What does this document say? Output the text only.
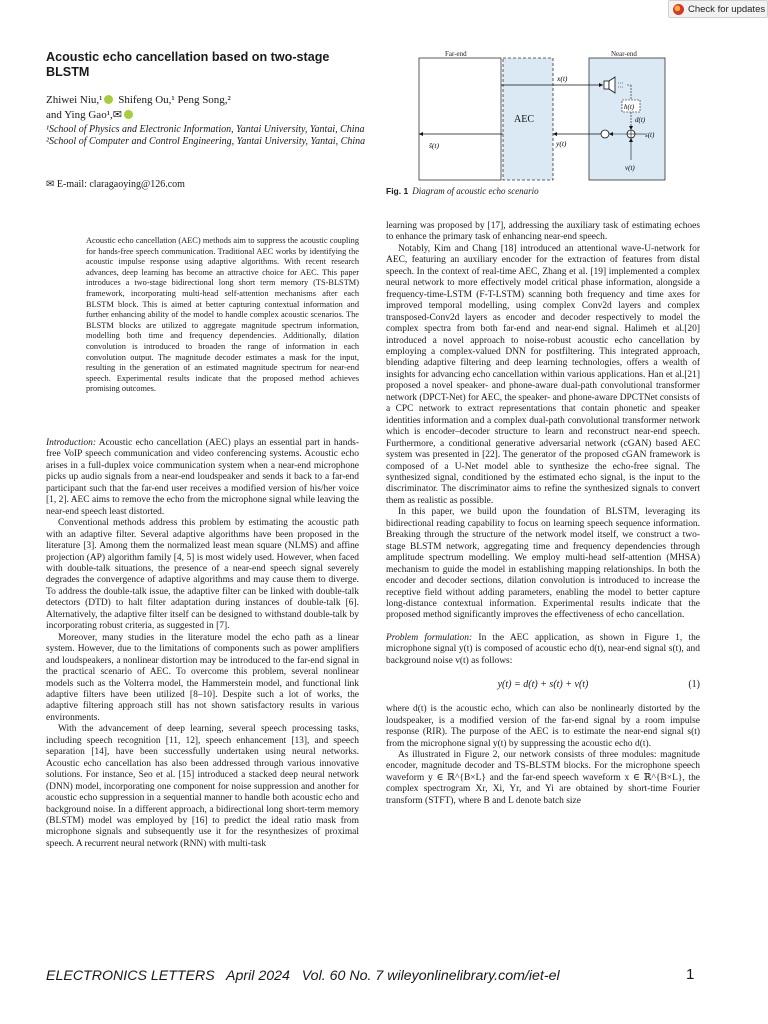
Check for updates
Acoustic echo cancellation based on two-stage BLSTM
Zhiwei Niu,¹ Shifeng Ou,¹ Peng Song,²
and Ying Gao¹,✉
¹School of Physics and Electronic Information, Yantai University, Yantai, China
²School of Computer and Control Engineering, Yantai University, Yantai, China
✉ E-mail: claragaoying@126.com
Acoustic echo cancellation (AEC) methods aim to suppress the acoustic coupling for hands-free speech communication. Traditional AEC works by identifying the acoustic impulse response using adaptive algorithms. With recent research advances, deep learning has become an attractive choice for AEC. This paper introduces a two-stage bidirectional long short term memory (TS-BLSTM) framework, incorporating multi-head self-attention mechanisms after each BLSTM block. This is aimed at better capturing contextual information and further enhancing ability of the model to handle complex acoustic scenarios. The BLSTM blocks are utilized to aggregate magnitude spectrum information, modelling both time and frequency dependencies. Additionally, dilation convolution is introduced to broaden the range of information in each convolution output. The magnitude decoder estimates a mask for the input, resulting in the generation of an estimated magnitude spectrum for near-end speech. Experimental results indicate that the proposed method achieves promising outcomes.
Far-end	Near-end
AEC
x(t)
h(t)
d(t)
s(t)
v(t)
y(t)
ŝ(t)
Fig. 1 Diagram of acoustic echo scenario

Introduction: Acoustic echo cancellation (AEC) plays an essential part in hands-free VoIP speech communication and video conferencing systems. Acoustic echo arises in a full-duplex voice communication system when a near-end microphone picks up audio signals from a near-end loudspeaker and sends it back to a far-end participant such that the far-end user receives a modified version of his/her voice [1, 2]. AEC aims to remove the echo from the microphone signal while leaving the near-end speech least distorted.

Conventional methods address this problem by estimating the acoustic path with an adaptive filter. Several adaptive algorithms have been proposed in the literature [3]. Among them the normalized least mean square (NLMS) and affine projection (AP) algorithm family [4, 5] is most widely used. However, when faced with double-talk situations, the presence of a near-end speech signal severely degrades the convergence of adaptive algorithms and may cause them to diverge. To address the double-talk issue, the adaptive filter can be linked with double-talk detectors (DTD) to halt filter adaptation during instances of double-talk [6]. Alternatively, the adaptive filter itself can be designed to withstand double-talk by incorporating robust criteria, as suggested in [7].

Moreover, many studies in the literature model the echo path as a linear system. However, due to the limitations of components such as power amplifiers and loudspeakers, a nonlinear distortion may be introduced to the far-end signal in the practical scenario of AEC. To overcome this problem, several nonlinear models such as the Volterra model, the Hammerstein model, and functional link adaptive filters have been utilized [8–10]. Despite such a lot of works, the adaptive filtering approach still has not shown satisfactory results in various environments.

With the advancement of deep learning, several speech processing tasks, including speech recognition [11, 12], speech enhancement [13], and speech separation [14], have been successfully undertaken using neural networks. Acoustic echo cancellation has also been addressed through various innovative solutions. For instance, Seo et al. [15] introduced a stacked deep neural network (DNN) model, incorporating one component for noise suppression and another for acoustic echo suppression in a sequential manner to handle both acoustic echo and background noise. In a different approach, a bidirectional long short-term memory (BLSTM) model was employed by [16] to predict the ideal ratio mask from microphone signals and subsequently use it for the resynthesizes of proximal speech. A recurrent neural network (RNN) with multi-task

learning was proposed by [17], addressing the auxiliary task of estimating echoes to enhance the primary task of enhancing near-end speech.

Notably, Kim and Chang [18] introduced an attentional wave-U-network for AEC, featuring an auxiliary encoder for the extraction of features from distal speech. In the context of real-time AEC, Zhang et al. [19] implemented a complex neural network to more effectively model critical phase information, alongside a frequency-time-LSTM (F-T-LSTM) scanning both frequency and time axes for improved temporal modelling, using complex Conv2d layers and complex transposed-Conv2d layers as encoder and decoder respectively to model the complex spectra from both far-end and near-end signal. Halimeh et al.[20] introduced a novel approach to noise-robust acoustic echo cancellation by employing a complex-valued DNN for postfiltering. This integrated approach, blending adaptive filtering and deep learning technologies, offers a wealth of insights for advancing echo cancellation within various applications. Han et al.[21] proposed a novel speaker- and phone-aware dual-path convolutional transformer network (DPCT-Net) for AEC, the speaker- and phone-aware DPCTNet consists of a CPC network to extract representations that contain phonetic and speaker identities information and a complex dual-path convolutional transformer network which is encoder–decoder structure to learn and reconstruct near-end speech. Furthermore, a conditional generative adversarial network (cGAN) based AEC system was presented in [22]. The generator of the proposed cGAN framework is composed of a U-Net model able to synthesize the echo-free signal. The synthesized signal, conditioned by the estimated echo signal, is the input to the discriminator. The discriminator aims to refine the synthesized signals to convert them as realistic as possible.

In this paper, we build upon the foundation of BLSTM, leveraging its bidirectional reading capability to focus on learning speech sequence information. Breaking through the structure of the network model itself, we construct a two-stage BLSTM network, aggregating time and frequency dependencies through amplitude spectrum modelling. We employ multi-head self-attention (MHSA) mechanism to guide the model in establishing mapping relationships. In both the encoder and decoder sections, dilation convolution is introduced to increase the receptive field without adding parameters, enabling the model to better capture long-distance contextual information. Experimental results indicate that the proposed method significantly improves the effectiveness of echo cancellation.

Problem formulation: In the AEC application, as shown in Figure 1, the microphone signal y(t) is composed of acoustic echo d(t), near-end signal s(t), and background noise v(t) as follows:

y(t) = d(t) + s(t) + v(t)	(1)

where d(t) is the acoustic echo, which can also be nonlinearly distorted by the loudspeaker, is a modified version of the far-end signal by a room impulse response (RIR). The purpose of the AEC is to estimate the near-end signal s(t) from the microphone signal y(t) by suppressing the acoustic echo d(t).

As illustrated in Figure 2, our network consists of three modules: magnitude encoder, magnitude decoder and TS-BLSTM blocks. For the microphone speech waveform y ∈ ℝ^{B×L} and the far-end speech waveform x ∈ ℝ^{B×L}, the complex spectrogram Xr, Xi, Yr, and Yi are obtained by short-time Fourier transform (STFT), where B and L denote batch size

ELECTRONICS LETTERS April 2024 Vol. 60 No. 7 wileyonlinelibrary.com/iet-el	1
